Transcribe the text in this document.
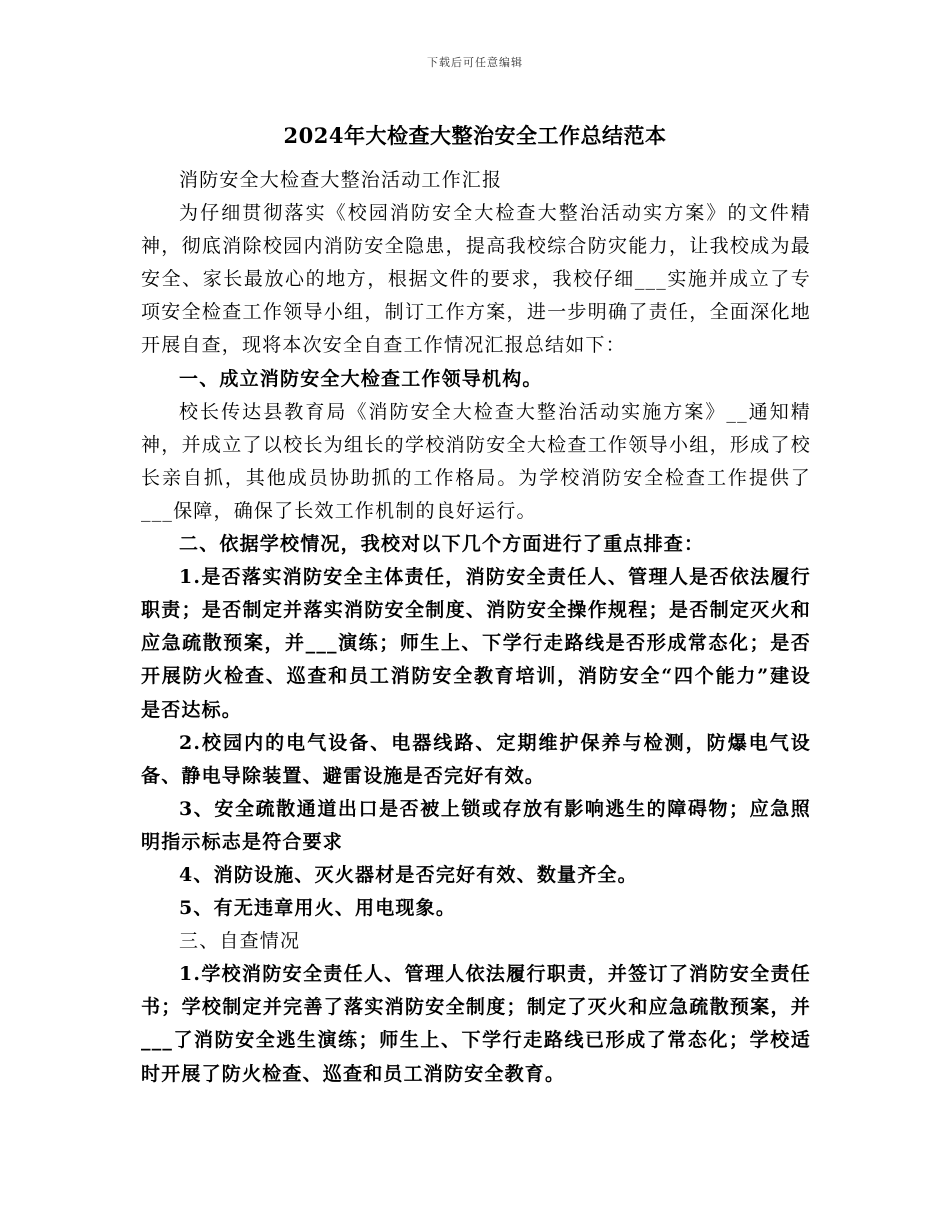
下载后可任意编辑
2024年大检查大整治安全工作总结范本

消防安全大检查大整治活动工作汇报

为仔细贯彻落实《校园消防安全大检查大整治活动实方案》的文件精神，彻底消除校园内消防安全隐患，提高我校综合防灾能力，让我校成为最安全、家长最放心的地方，根据文件的要求，我校仔细___实施并成立了专项安全检查工作领导小组，制订工作方案，进一步明确了责任，全面深化地开展自查，现将本次安全自查工作情况汇报总结如下：

一、成立消防安全大检查工作领导机构。

校长传达县教育局《消防安全大检查大整治活动实施方案》__通知精神，并成立了以校长为组长的学校消防安全大检查工作领导小组，形成了校长亲自抓，其他成员协助抓的工作格局。为学校消防安全检查工作提供了___保障，确保了长效工作机制的良好运行。

二、依据学校情况，我校对以下几个方面进行了重点排查：

1.是否落实消防安全主体责任，消防安全责任人、管理人是否依法履行职责；是否制定并落实消防安全制度、消防安全操作规程；是否制定灭火和应急疏散预案，并___演练；师生上、下学行走路线是否形成常态化；是否开展防火检查、巡查和员工消防安全教育培训，消防安全“四个能力”建设是否达标。

2.校园内的电气设备、电器线路、定期维护保养与检测，防爆电气设备、静电导除装置、避雷设施是否完好有效。

3、安全疏散通道出口是否被上锁或存放有影响逃生的障碍物；应急照明指示标志是符合要求

4、消防设施、灭火器材是否完好有效、数量齐全。

5、有无违章用火、用电现象。

三、自查情况

1.学校消防安全责任人、管理人依法履行职责，并签订了消防安全责任书；学校制定并完善了落实消防安全制度；制定了灭火和应急疏散预案，并___了消防安全逃生演练；师生上、下学行走路线已形成了常态化；学校适时开展了防火检查、巡查和员工消防安全教育。
